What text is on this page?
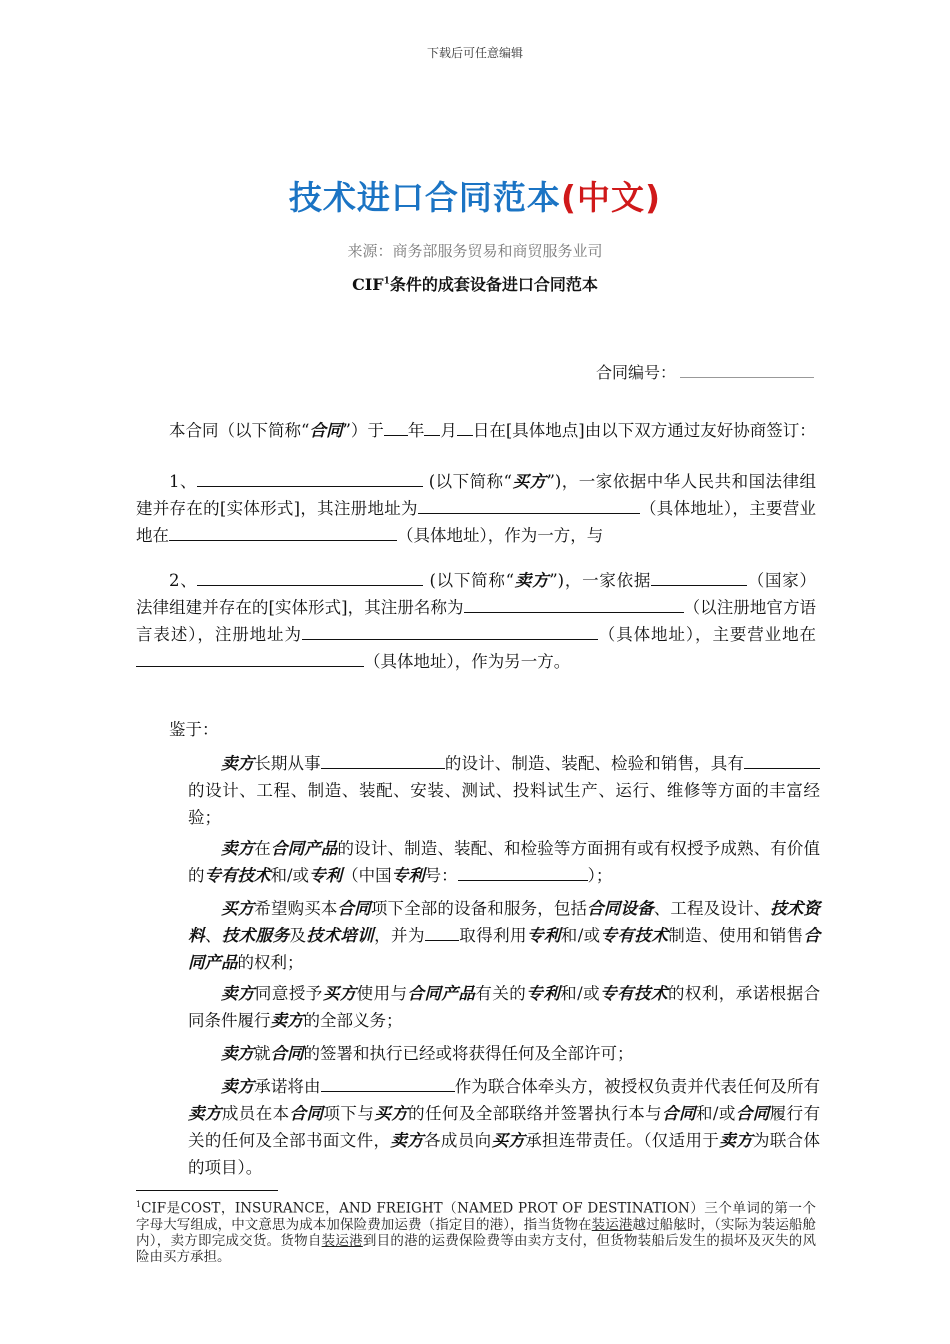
下载后可任意编辑
技术进口合同范本(中文)
来源：商务部服务贸易和商贸服务业司
CIF$^1$条件的成套设备进口合同范本
合同编号：
本合同（以下简称“合同”）于 年 月 日在[具体地点]由以下双方通过友好协商签订：
1、	(以下简称“买方”)，一家依据中华人民共和国法律组建并存在的[实体形式]，其注册地址为	（具体地址），主要营业地在	（具体地址），作为一方，与
2、	(以下简称“卖方”)，一家依据	（国家）法律组建并存在的[实体形式]，其注册名称为	（以注册地官方语言表述），注册地址为	（具体地址），主要营业地在（具体地址），作为另一方。
鉴于：
卖方长期从事	的设计、制造、装配、检验和销售，具有的设计、工程、制造、装配、安装、测试、投料试生产、运行、维修等方面的丰富经验；
卖方在合同产品的设计、制造、装配、和检验等方面拥有或有权授予成熟、有价值的专有技术和/或专利（中国专利号：	）；
买方希望购买本合同项下全部的设备和服务，包括合同设备、工程及设计、技术资料、技术服务及技术培训，并为 取得利用专利和/或专有技术制造、使用和销售合同产品的权利；
卖方同意授予买方使用与合同产品有关的专利和/或专有技术的权利，承诺根据合同条件履行卖方的全部义务；
卖方就合同的签署和执行已经或将获得任何及全部许可；
卖方承诺将由	作为联合体牵头方，被授权负责并代表任何及所有卖方成员在本合同项下与买方的任何及全部联络并签署执行本与合同和/或合同履行有关的任何及全部书面文件，卖方各成员向买方承担连带责任。（仅适用于卖方为联合体的项目）。
$^1$CIF是COST，INSURANCE，AND FREIGHT（NAMED PROT OF DESTINATION）三个单词的第一个字母大写组成，中文意思为成本加保险费加运费（指定目的港），指当货物在装运港越过船舷时，（实际为装运船舱内），卖方即完成交货。货物自装运港到目的港的运费保险费等由卖方支付，但货物装船后发生的损坏及灭失的风险由买方承担。
